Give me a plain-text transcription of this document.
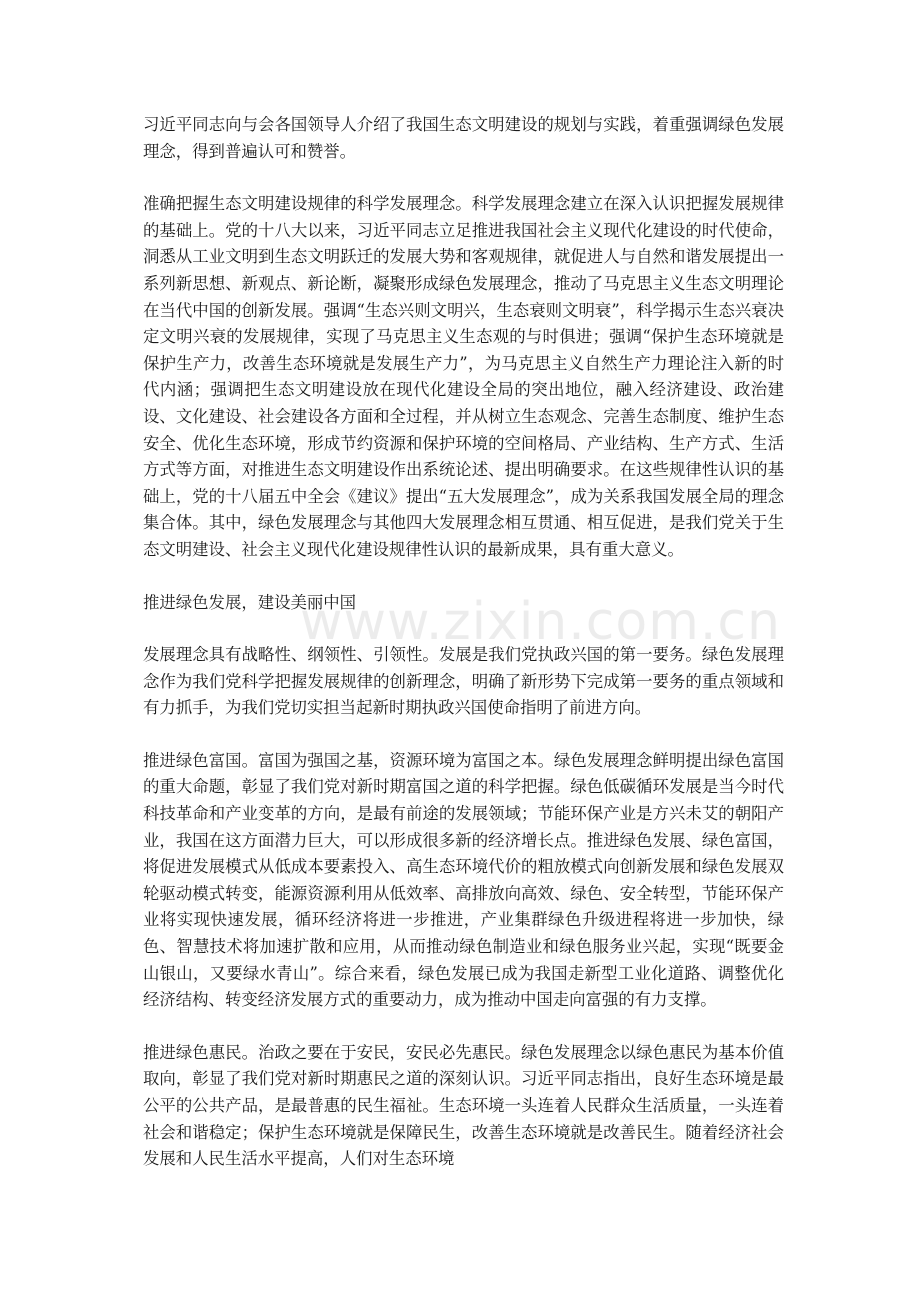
习近平同志向与会各国领导人介绍了我国生态文明建设的规划与实践，着重强调绿色发展理念，得到普遍认可和赞誉。

准确把握生态文明建设规律的科学发展理念。科学发展理念建立在深入认识把握发展规律的基础上。党的十八大以来，习近平同志立足推进我国社会主义现代化建设的时代使命，洞悉从工业文明到生态文明跃迁的发展大势和客观规律，就促进人与自然和谐发展提出一系列新思想、新观点、新论断，凝聚形成绿色发展理念，推动了马克思主义生态文明理论在当代中国的创新发展。强调“生态兴则文明兴，生态衰则文明衰”，科学揭示生态兴衰决定文明兴衰的发展规律，实现了马克思主义生态观的与时俱进；强调“保护生态环境就是保护生产力，改善生态环境就是发展生产力”，为马克思主义自然生产力理论注入新的时代内涵；强调把生态文明建设放在现代化建设全局的突出地位，融入经济建设、政治建设、文化建设、社会建设各方面和全过程，并从树立生态观念、完善生态制度、维护生态安全、优化生态环境，形成节约资源和保护环境的空间格局、产业结构、生产方式、生活方式等方面，对推进生态文明建设作出系统论述、提出明确要求。在这些规律性认识的基础上，党的十八届五中全会《建议》提出“五大发展理念”，成为关系我国发展全局的理念集合体。其中，绿色发展理念与其他四大发展理念相互贯通、相互促进，是我们党关于生态文明建设、社会主义现代化建设规律性认识的最新成果，具有重大意义。

推进绿色发展，建设美丽中国

发展理念具有战略性、纲领性、引领性。发展是我们党执政兴国的第一要务。绿色发展理念作为我们党科学把握发展规律的创新理念，明确了新形势下完成第一要务的重点领域和有力抓手，为我们党切实担当起新时期执政兴国使命指明了前进方向。

推进绿色富国。富国为强国之基，资源环境为富国之本。绿色发展理念鲜明提出绿色富国的重大命题，彰显了我们党对新时期富国之道的科学把握。绿色低碳循环发展是当今时代科技革命和产业变革的方向，是最有前途的发展领域；节能环保产业是方兴未艾的朝阳产业，我国在这方面潜力巨大，可以形成很多新的经济增长点。推进绿色发展、绿色富国，将促进发展模式从低成本要素投入、高生态环境代价的粗放模式向创新发展和绿色发展双轮驱动模式转变，能源资源利用从低效率、高排放向高效、绿色、安全转型，节能环保产业将实现快速发展，循环经济将进一步推进，产业集群绿色升级进程将进一步加快，绿色、智慧技术将加速扩散和应用，从而推动绿色制造业和绿色服务业兴起，实现“既要金山银山，又要绿水青山”。综合来看，绿色发展已成为我国走新型工业化道路、调整优化经济结构、转变经济发展方式的重要动力，成为推动中国走向富强的有力支撑。

推进绿色惠民。治政之要在于安民，安民必先惠民。绿色发展理念以绿色惠民为基本价值取向，彰显了我们党对新时期惠民之道的深刻认识。习近平同志指出，良好生态环境是最公平的公共产品，是最普惠的民生福祉。生态环境一头连着人民群众生活质量，一头连着社会和谐稳定；保护生态环境就是保障民生，改善生态环境就是改善民生。随着经济社会发展和人民生活水平提高，人们对生态环境

www.zixin.com.cn
